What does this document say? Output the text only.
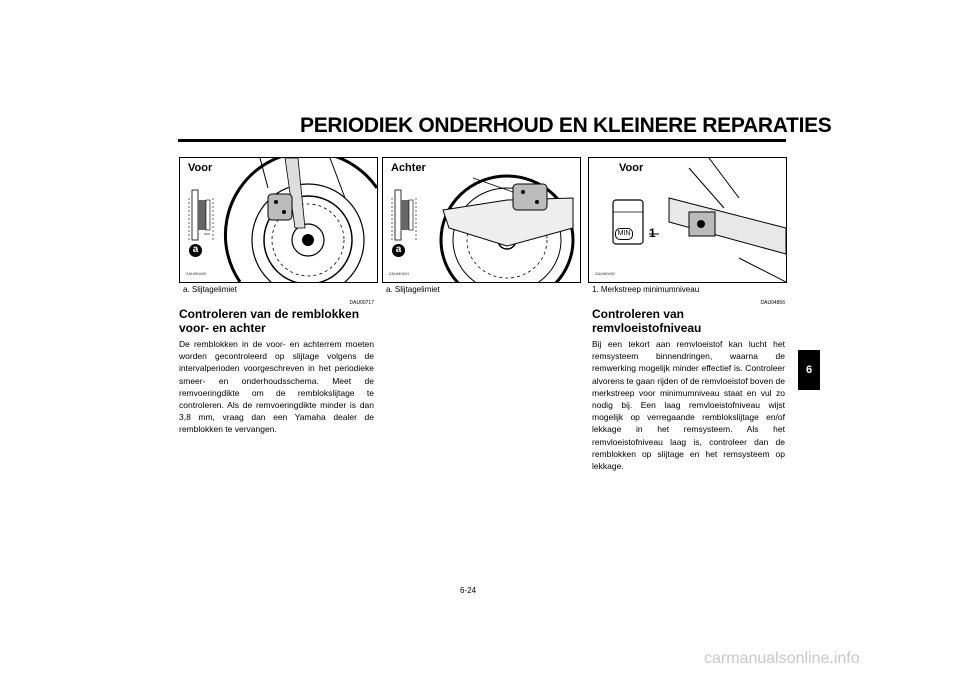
PERIODIEK ONDERHOUD EN KLEINERE REPARATIES
Voor
a
ZAUM0400
a. Slijtagelimiet
Achter
a
ZAUM0401
a. Slijtagelimiet
Voor
MIN 1
ZAUM0402
1. Merkstreep minimumniveau
DAU00717
Controleren van de remblokken voor- en achter
De remblokken in de voor- en achterrem moeten worden gecontroleerd op slijtage volgens de intervalperioden voorgeschreven in het periodieke smeer- en onderhoudsschema. Meet de remvoeringdikte om de remblokslijtage te controleren. Als de remvoeringdikte minder is dan 3,8 mm, vraag dan een Yamaha dealer de remblokken te vervangen.
DAU04856
Controleren van remvloeistofniveau
Bij een tekort aan remvloeistof kan lucht het remsysteem binnendringen, waarna de remwerking mogelijk minder effectief is. Controleer alvorens te gaan rijden of de remvloeistof boven de merkstreep voor minimumniveau staat en vul zo nodig bij. Een laag remvloeistofniveau wijst mogelijk op verregaande remblokslijtage en/of lekkage in het remsysteem. Als het remvloeistofniveau laag is, controleer dan de remblokken op slijtage en het remsysteem op lekkage.
6
6-24
carmanualsonline.info
